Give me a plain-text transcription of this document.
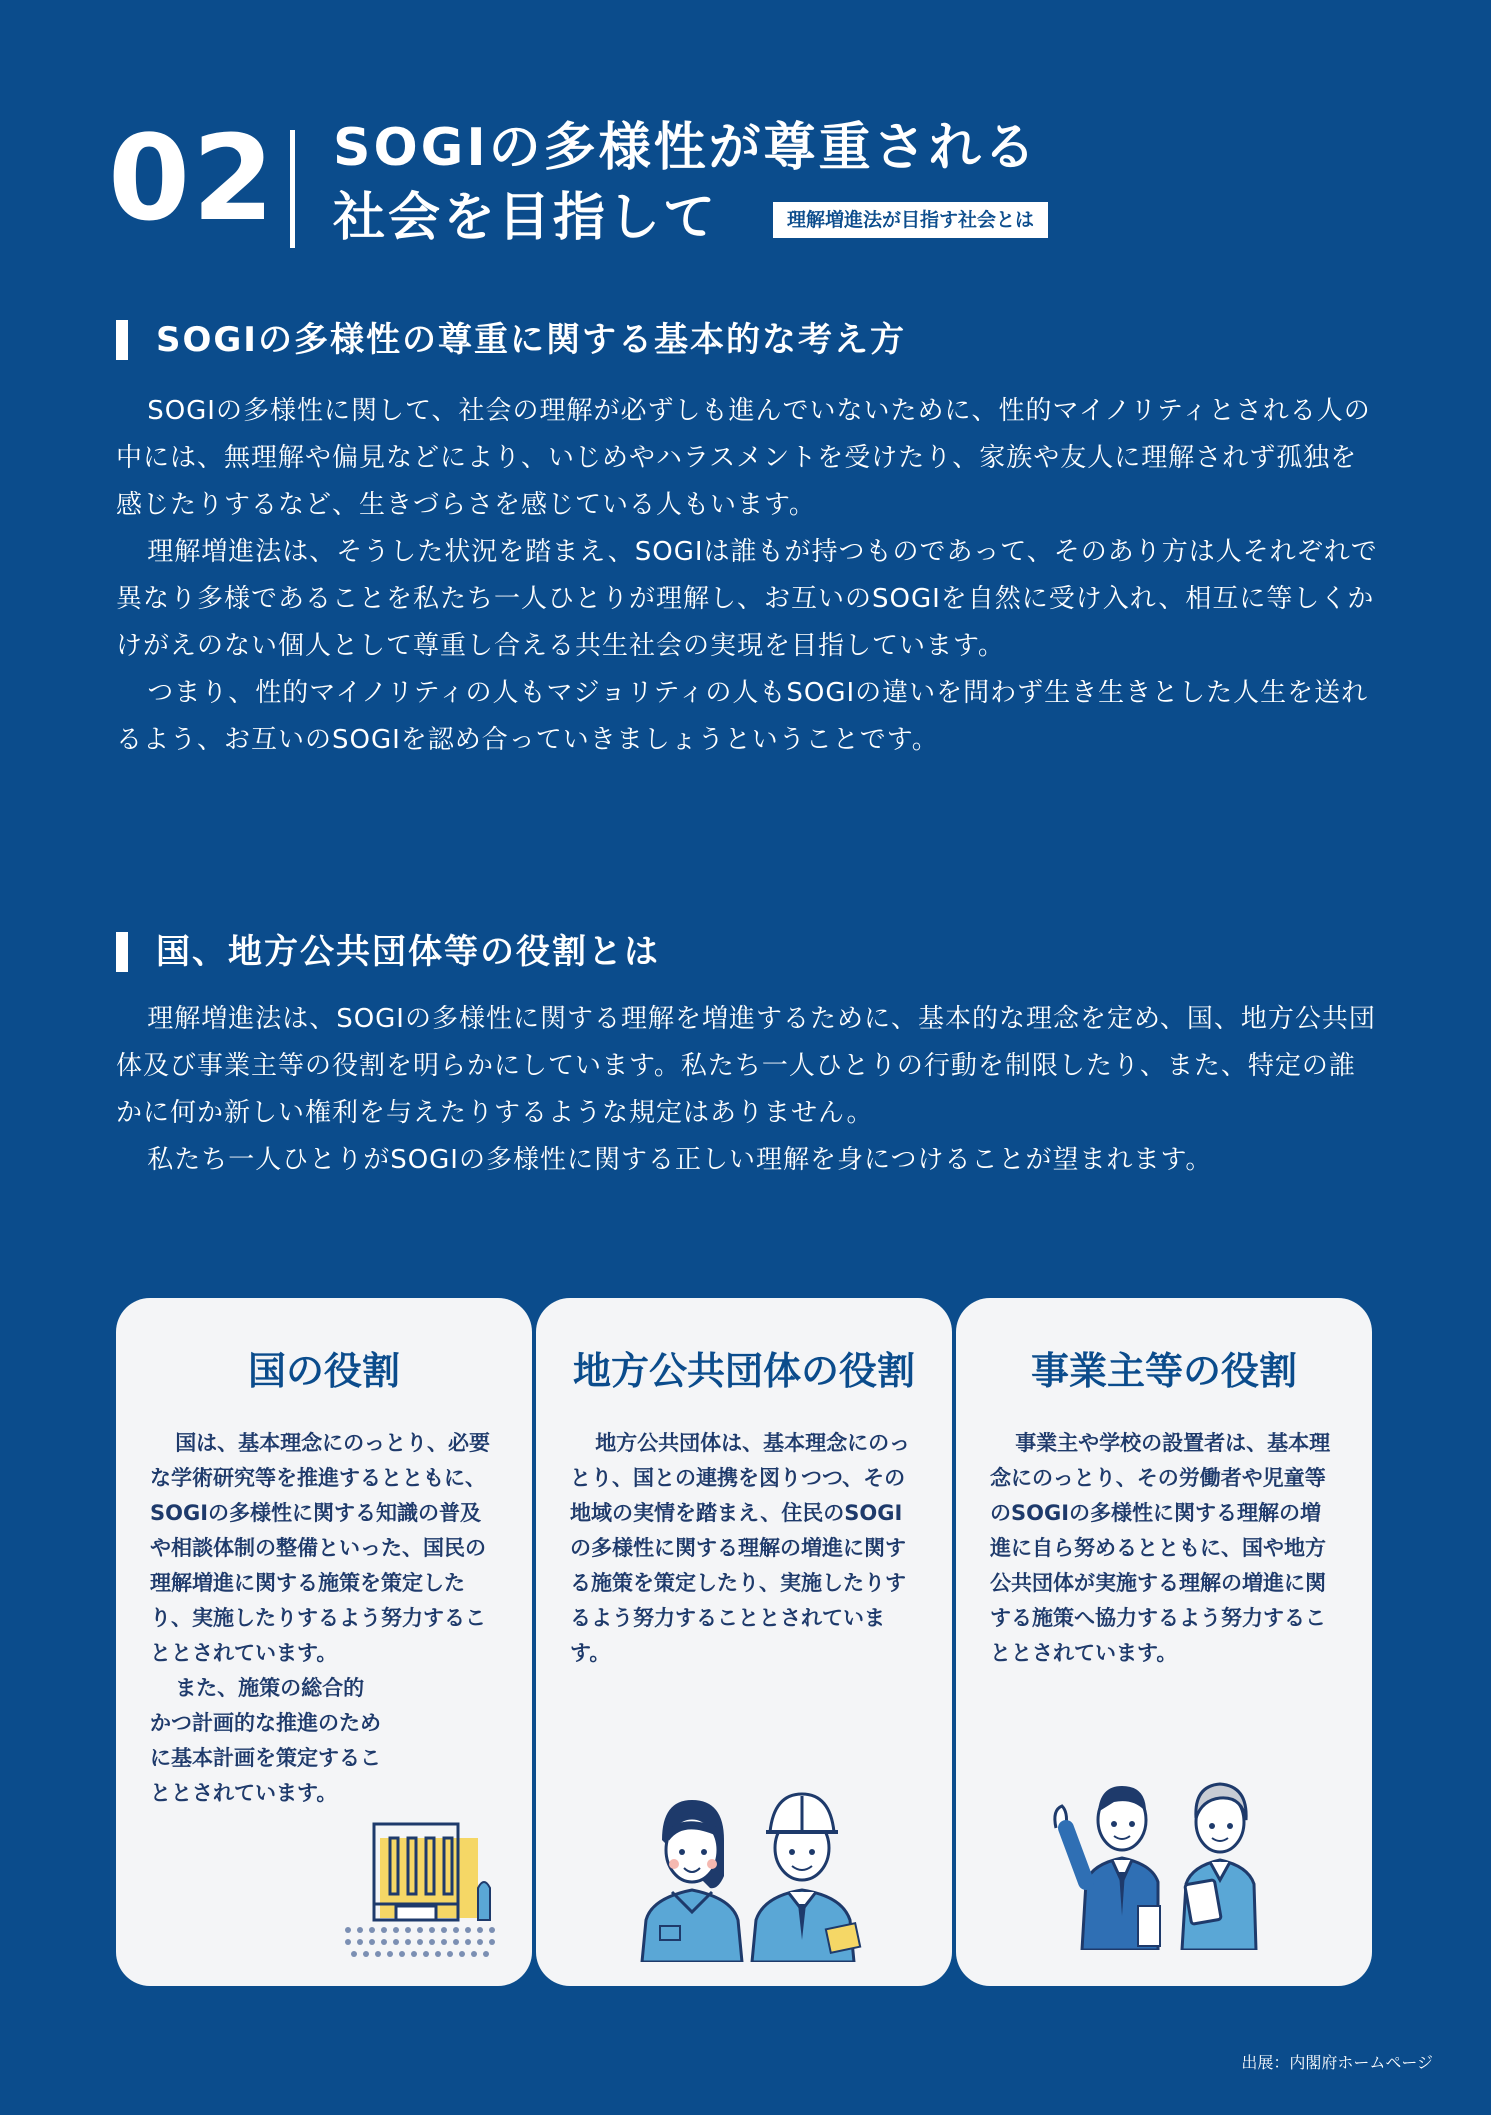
02 SOGIの多様性が尊重される
社会を目指して	理解増進法が目指す社会とは
SOGIの多様性の尊重に関する基本的な考え方

SOGIの多様性に関して、社会の理解が必ずしも進んでいないために、性的マイノリティとされる人の中には、無理解や偏見などにより、いじめやハラスメントを受けたり、家族や友人に理解されず孤独を感じたりするなど、生きづらさを感じている人もいます。

理解増進法は、そうした状況を踏まえ、SOGIは誰もが持つものであって、そのあり方は人それぞれで異なり多様であることを私たち一人ひとりが理解し、お互いのSOGIを自然に受け入れ、相互に等しくかけがえのない個人として尊重し合える共生社会の実現を目指しています。

つまり、性的マイノリティの人もマジョリティの人もSOGIの違いを問わず生き生きとした人生を送れるよう、お互いのSOGIを認め合っていきましょうということです。

国、地方公共団体等の役割とは

理解増進法は、SOGIの多様性に関する理解を増進するために、基本的な理念を定め、国、地方公共団体及び事業主等の役割を明らかにしています。私たち一人ひとりの行動を制限したり、また、特定の誰かに何か新しい権利を与えたりするような規定はありません。

私たち一人ひとりがSOGIの多様性に関する正しい理解を身につけることが望まれます。

国の役割

国は、基本理念にのっとり、必要な学術研究等を推進するとともに、SOGIの多様性に関する知識の普及や相談体制の整備といった、国民の理解増進に関する施策を策定したり、実施したりするよう努力することとされています。

また、施策の総合的かつ計画的な推進のために基本計画を策定することとされています。

地方公共団体の役割

地方公共団体は、基本理念にのっとり、国との連携を図りつつ、その地域の実情を踏まえ、住民のSOGIの多様性に関する理解の増進に関する施策を策定したり、実施したりするよう努力することとされています。

事業主等の役割

事業主や学校の設置者は、基本理念にのっとり、その労働者や児童等のSOGIの多様性に関する理解の増進に自ら努めるとともに、国や地方公共団体が実施する理解の増進に関する施策へ協力するよう努力することとされています。

出展：内閣府ホームページ
